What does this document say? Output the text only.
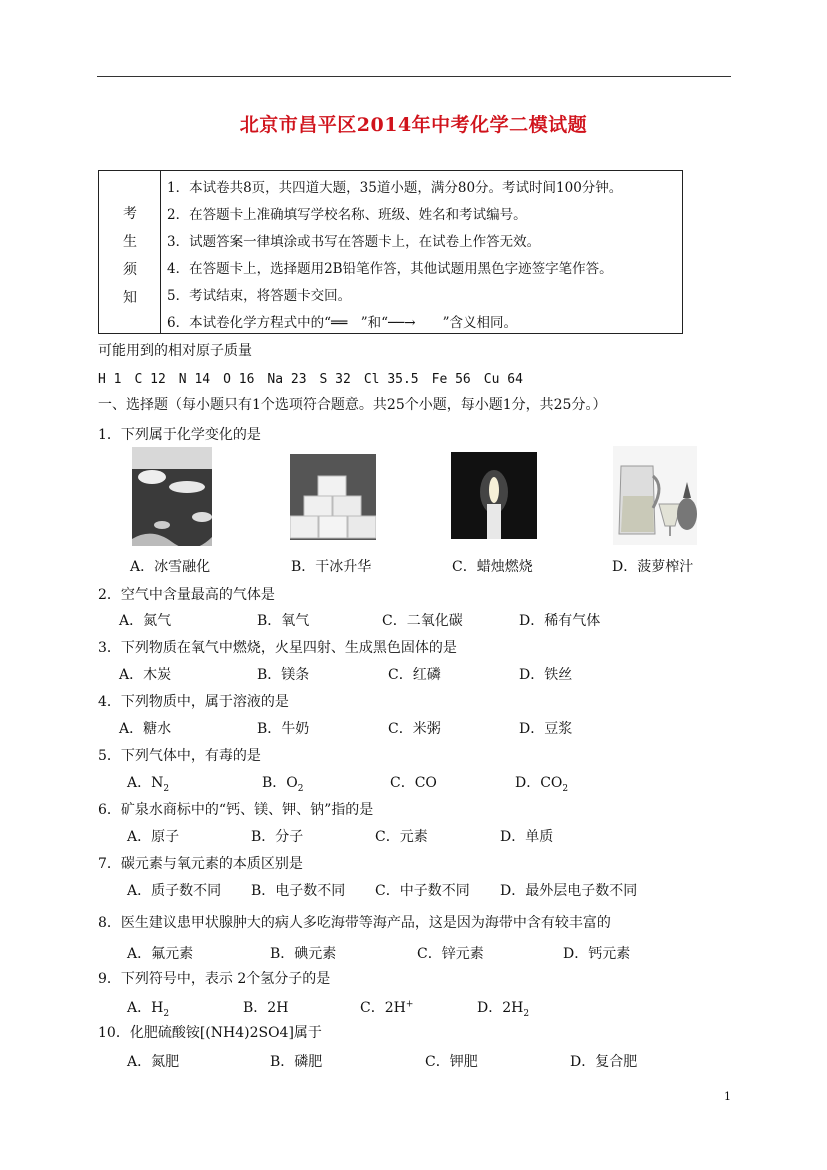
北京市昌平区2014年中考化学二模试题
考
生
须
知
1．本试卷共8页，共四道大题，35道小题，满分80分。考试时间100分钟。
2．在答题卡上准确填写学校名称、班级、姓名和考试编号。
3．试题答案一律填涂或书写在答题卡上，在试卷上作答无效。
4．在答题卡上，选择题用2B铅笔作答，其他试题用黑色字迹签字笔作答。
5．考试结束，将答题卡交回。
6．本试卷化学方程式中的“══　”和“──→　　”含义相同。
可能用到的相对原子质量
H 1　C 12　N 14　O 16　Na 23　S 32　Cl 35.5　Fe 56　Cu 64
一、选择题（每小题只有1个选项符合题意。共25个小题，每小题1分，共25分。）
1．下列属于化学变化的是
A．冰雪融化	B．干冰升华	C．蜡烛燃烧	D．菠萝榨汁
2．空气中含量最高的气体是
A．氮气	B．氧气	C．二氧化碳	D．稀有气体
3．下列物质在氧气中燃烧，火星四射、生成黑色固体的是
A．木炭	B．镁条	C．红磷	D．铁丝
4．下列物质中，属于溶液的是
A．糖水	B．牛奶	C．米粥	D．豆浆
5．下列气体中，有毒的是
A．$N_2$	B．$O_2$	C．CO	D．$CO_2$
6．矿泉水商标中的“钙、镁、钾、钠”指的是
A．原子	B．分子	C．元素	D．单质
7．碳元素与氧元素的本质区别是
A．质子数不同 B．电子数不同 C．中子数不同 D．最外层电子数不同
8．医生建议患甲状腺肿大的病人多吃海带等海产品，这是因为海带中含有较丰富的
A．氟元素	B．碘元素	C．锌元素	D．钙元素
9．下列符号中，表示 2个氢分子的是
A．$H_2$	B．2H	C．2H+	D．$2H_2$
10．化肥硫酸铵[(NH4)2SO4]属于
A．氮肥	B．磷肥	C．钾肥	D．复合肥
1
